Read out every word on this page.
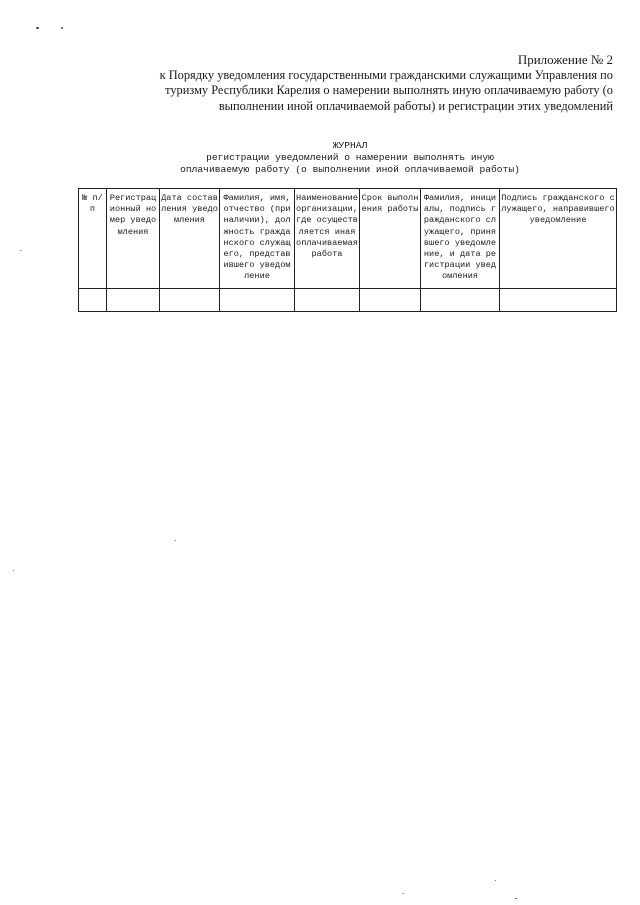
Приложение № 2
к Порядку уведомления государственными гражданскими служащими Управления по
туризму Республики Карелия о намерении выполнять иную оплачиваемую работу (о
выполнении иной оплачиваемой работы) и регистрации этих уведомлений
ЖУРНАЛ
регистрации уведомлений о намерении выполнять иную
оплачиваемую работу (о выполнении иной оплачиваемой работы)
№ п/п	Регистрационный номер уведомления	Дата составления уведомления	Фамилия, имя, отчество (при наличии), должность гражданского служащего, представившего уведомление	Наименование организации, где осуществляется иная оплачиваемая работа	Срок выполнения работы	Фамилия, инициалы, подпись гражданского служащего, принявшего уведомление, и дата регистрации уведомления	Подпись гражданского служащего, направившего уведомление
